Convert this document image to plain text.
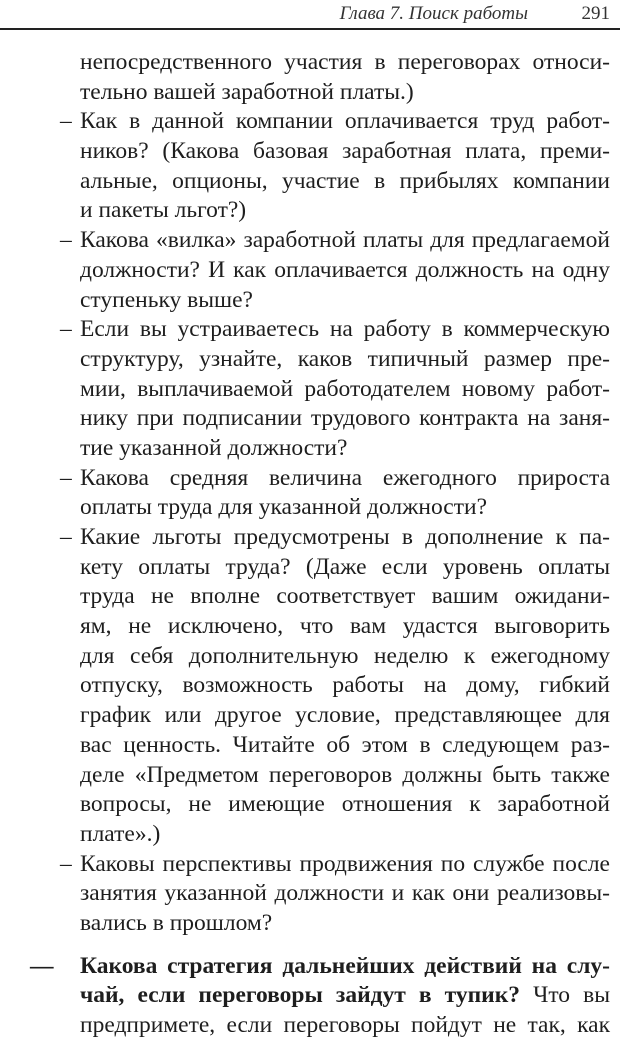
Глава 7. Поиск работы	291
непосредственного участия в переговорах относи-
тельно вашей заработной платы.)
– Как в данной компании оплачивается труд работ-
ников? (Какова базовая заработная плата, преми-
альные, опционы, участие в прибылях компании
и пакеты льгот?)
– Какова «вилка» заработной платы для предлагаемой
должности? И как оплачивается должность на одну
ступеньку выше?
– Если вы устраиваетесь на работу в коммерческую
структуру, узнайте, каков типичный размер пре-
мии, выплачиваемой работодателем новому работ-
нику при подписании трудового контракта на заня-
тие указанной должности?
– Какова средняя величина ежегодного прироста
оплаты труда для указанной должности?
– Какие льготы предусмотрены в дополнение к па-
кету оплаты труда? (Даже если уровень оплаты
труда не вполне соответствует вашим ожидани-
ям, не исключено, что вам удастся выговорить
для себя дополнительную неделю к ежегодному
отпуску, возможность работы на дому, гибкий
график или другое условие, представляющее для
вас ценность. Читайте об этом в следующем раз-
деле «Предметом переговоров должны быть также
вопросы, не имеющие отношения к заработной
плате».)
– Каковы перспективы продвижения по службе после
занятия указанной должности и как они реализовы-
вались в прошлом?
— Какова стратегия дальнейших действий на слу-
чай, если переговоры зайдут в тупик? Что вы
предприметe, если переговоры пойдут не так, как
